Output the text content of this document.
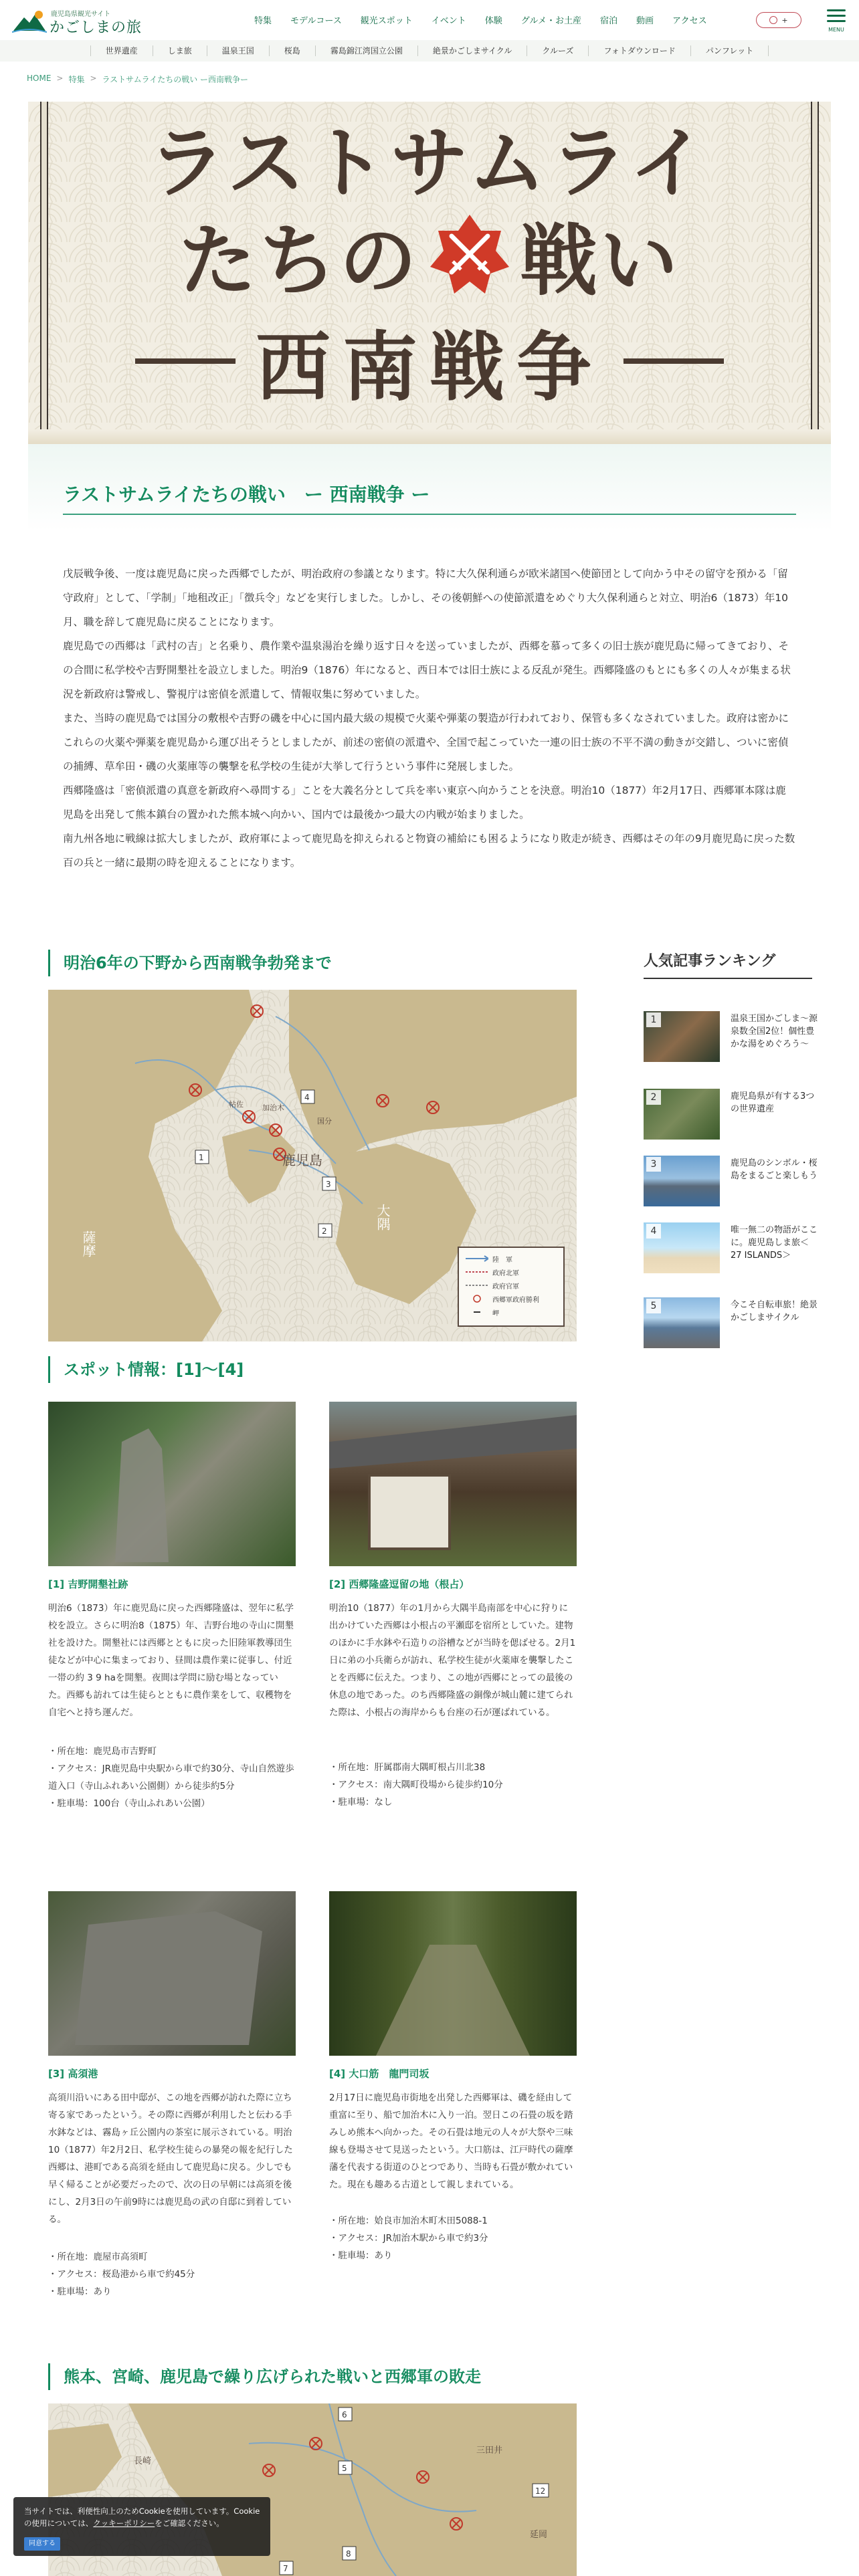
鹿児島県観光サイト
かごしまの旅	特集 モデルコース 観光スポット イベント 体験 グルメ・お土産 宿泊 動画 アクセス	+
MENU
世界遺産	しま旅	温泉王国	桜島	霧島錦江湾国立公園	絶景かごしまサイクル	クルーズ	フォトダウンロード	パンフレット
HOME > 特集 > ラストサムライたちの戦い ー西南戦争ー
ラストサムライ
たちの 戦い
西南戦争
ラストサムライたちの戦い　ー 西南戦争 ー

戊辰戦争後、一度は鹿児島に戻った西郷でしたが、明治政府の参議となります。特に大久保利通らが欧米諸国へ使節団として向かう中その留守を預かる「留守政府」として、「学制」「地租改正」「徴兵令」などを実行しました。しかし、その後朝鮮への使節派遣をめぐり大久保利通らと対立、明治6（1873）年10月、職を辞して鹿児島に戻ることになります。

鹿児島での西郷は「武村の吉」と名乗り、農作業や温泉湯治を繰り返す日々を送っていましたが、西郷を慕って多くの旧士族が鹿児島に帰ってきており、その合間に私学校や吉野開墾社を設立しました。明治9（1876）年になると、西日本では旧士族による反乱が発生。西郷隆盛のもとにも多くの人々が集まる状況を新政府は警戒し、警視庁は密偵を派遣して、情報収集に努めていました。

また、当時の鹿児島では国分の敷根や吉野の磯を中心に国内最大級の規模で火薬や弾薬の製造が行われており、保管も多くなされていました。政府は密かにこれらの火薬や弾薬を鹿児島から運び出そうとしましたが、前述の密偵の派遣や、全国で起こっていた一連の旧士族の不平不満の動きが交錯し、ついに密偵の捕縛、草牟田・磯の火薬庫等の襲撃を私学校の生徒が大挙して行うという事件に発展しました。

西郷隆盛は「密偵派遣の真意を新政府へ尋問する」ことを大義名分として兵を率い東京へ向かうことを決意。明治10（1877）年2月17日、西郷軍本隊は鹿児島を出発して熊本鎮台の置かれた熊本城へ向かい、国内では最後かつ最大の内戦が始まりました。

南九州各地に戦線は拡大しましたが、政府軍によって鹿児島を抑えられると物資の補給にも困るようになり敗走が続き、西郷はその年の9月鹿児島に戻った数百の兵と一緒に最期の時を迎えることになります。

明治6年の下野から西南戦争勃発まで
1
2
3
4
鹿児島
大隅
薩摩
国分
加治木
帖佐
陸　軍
政府北軍
政府官軍
西郷軍政府勝利
岬
人気記事ランキング
1	温泉王国かごしま〜源泉数全国2位！個性豊かな湯をめぐろう〜
2	鹿児島県が有する3つの世界遺産
3	鹿児島のシンボル・桜島をまるごと楽しもう
4	唯一無二の物語がここに。鹿児島しま旅＜27 ISLANDS＞
5	今こそ自転車旅！絶景かごしまサイクル
スポット情報：[1]〜[4]
[1] 吉野開墾社跡
明治6（1873）年に鹿児島に戻った西郷隆盛は、翌年に私学校を設立。さらに明治8（1875）年、吉野台地の寺山に開墾社を設けた。開墾社には西郷とともに戻った旧陸軍教導団生徒などが中心に集まっており、昼間は農作業に従事し、付近一帯の約 3 9 haを開墾。夜間は学問に励む場となっていた。西郷も訪れては生徒らとともに農作業をして、収穫物を自宅へと持ち運んだ。
・所在地：鹿児島市吉野町
・アクセス：JR鹿児島中央駅から車で約30分、寺山自然遊歩道入口（寺山ふれあい公園側）から徒歩約5分
・駐車場：100台（寺山ふれあい公園）
[2] 西郷隆盛逗留の地（根占）
明治10（1877）年の1月から大隅半島南部を中心に狩りに出かけていた西郷は小根占の平瀬邸を宿所としていた。建物のほかに手水鉢や石造りの浴槽などが当時を偲ばせる。2月1日に弟の小兵衛らが訪れ、私学校生徒が火薬庫を襲撃したことを西郷に伝えた。つまり、この地が西郷にとっての最後の休息の地であった。のち西郷隆盛の銅像が城山麓に建てられた際は、小根占の海岸からも台座の石が運ばれている。
・所在地：肝属郡南大隅町根占川北38
・アクセス：南大隅町役場から徒歩約10分
・駐車場：なし
[3] 高須港
高須川沿いにある田中邸が、この地を西郷が訪れた際に立ち寄る家であったという。その際に西郷が利用したと伝わる手水鉢などは、霧島ヶ丘公園内の茶室に展示されている。明治10（1877）年2月2日、私学校生徒らの暴発の報を紀行した西郷は、港町である高須を経由して鹿児島に戻る。少しでも早く帰ることが必要だったので、次の日の早朝には高須を後にし、2月3日の午前9時には鹿児島の武の自邸に到着している。
・所在地：鹿屋市高須町
・アクセス：桜島港から車で約45分
・駐車場：あり
[4] 大口筋　龍門司坂
2月17日に鹿児島市街地を出発した西郷軍は、磯を経由して重富に至り、船で加治木に入り一泊。翌日この石畳の坂を踏みしめ熊本へ向かった。その石畳は地元の人々が大祭や三味線も登場させて見送ったという。大口筋は、江戸時代の薩摩藩を代表する街道のひとつであり、当時も石畳が敷かれていた。現在も趣ある古道として親しまれている。
・所在地：姶良市加治木町木田5088-1
・アクセス：JR加治木駅から車で約3分
・駐車場：あり
熊本、宮崎、鹿児島で繰り広げられた戦いと西郷軍の敗走
5
6
7
8
12
長崎
三田井
延岡
当サイトでは、利便性向上のためCookieを使用しています。Cookieの使用については、クッキーポリシーをご確認ください。
同意する
